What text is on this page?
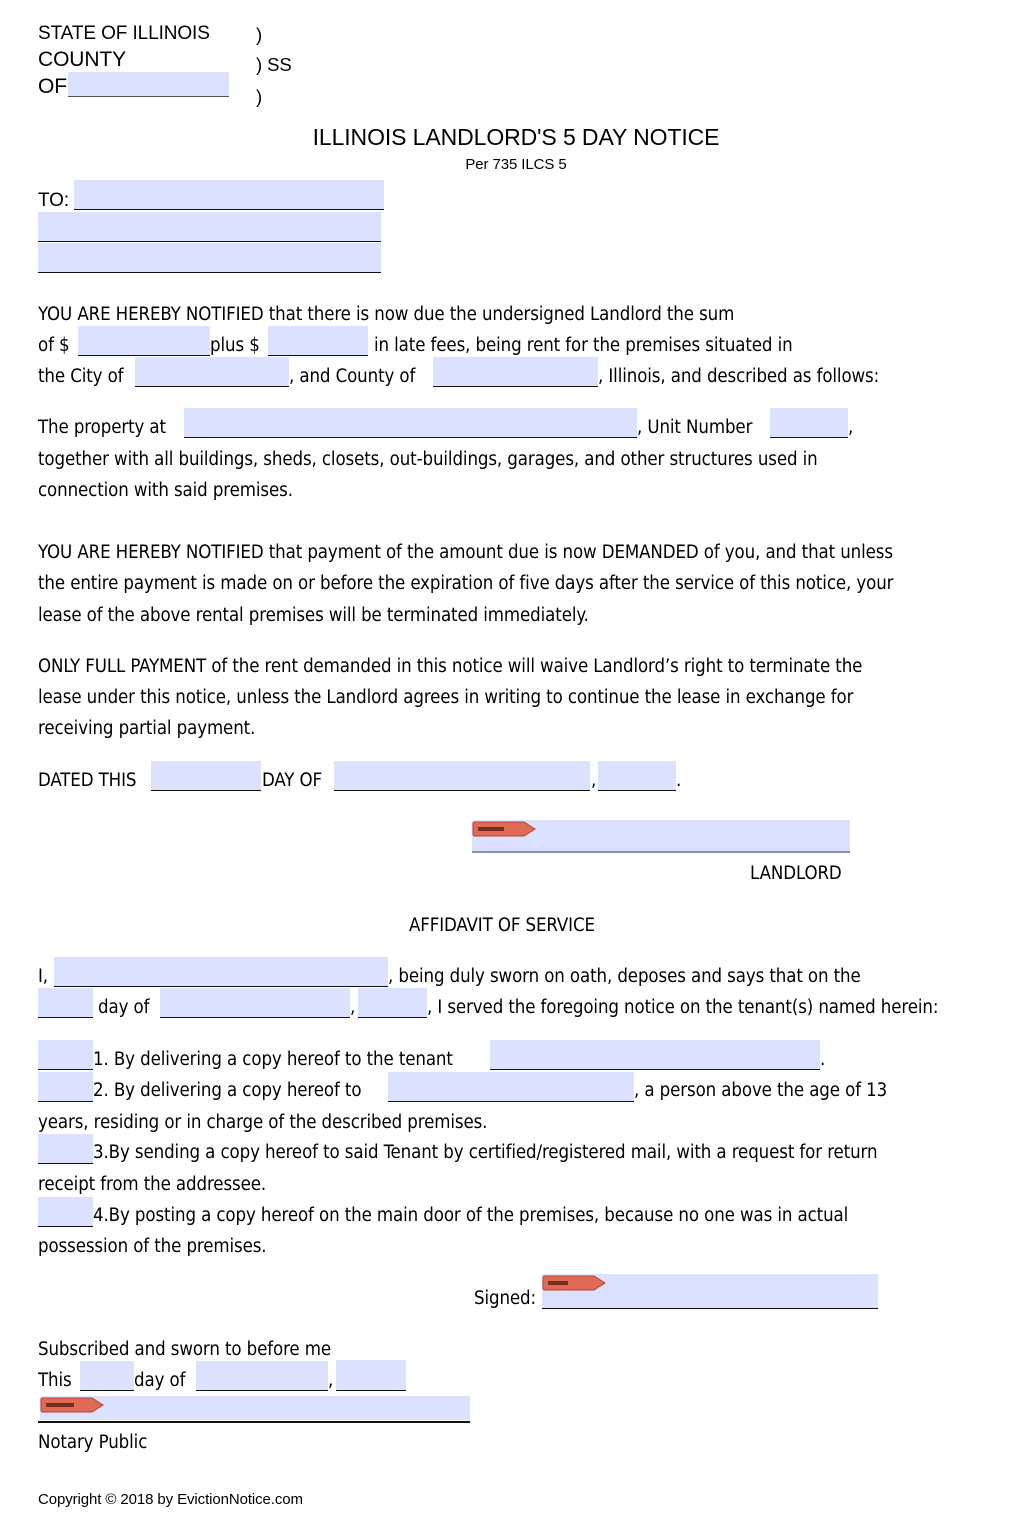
STATE OF ILLINOIS
COUNTY
OF
)
) SS
)
ILLINOIS LANDLORD'S 5 DAY NOTICE
Per 735 ILCS 5
TO:
YOU ARE HEREBY NOTIFIED that there is now due the undersigned Landlord the sum
of $	plus $	in late fees, being rent for the premises situated in
the City of	, and County of	, Illinois, and described as follows:
The property at	, Unit Number	,
together with all buildings, sheds, closets, out-buildings, garages, and other structures used in
connection with said premises.
YOU ARE HEREBY NOTIFIED that payment of the amount due is now DEMANDED of you, and that unless
the entire payment is made on or before the expiration of five days after the service of this notice, your
lease of the above rental premises will be terminated immediately.
ONLY FULL PAYMENT of the rent demanded in this notice will waive Landlord’s right to terminate the
lease under this notice, unless the Landlord agrees in writing to continue the lease in exchange for
receiving partial payment.
DATED THIS	DAY OF	,	.
LANDLORD
AFFIDAVIT OF SERVICE
I,	, being duly sworn on oath, deposes and says that on the
day of	,	, I served the foregoing notice on the tenant(s) named herein:
1. By delivering a copy hereof to the tenant	.
2. By delivering a copy hereof to	, a person above the age of 13
years, residing or in charge of the described premises.
3.By sending a copy hereof to said Tenant by certified/registered mail, with a request for return
receipt from the addressee.
4.By posting a copy hereof on the main door of the premises, because no one was in actual
possession of the premises.
Signed:
Subscribed and sworn to before me
This	day of	,
Notary Public
Copyright © 2018 by EvictionNotice.com
